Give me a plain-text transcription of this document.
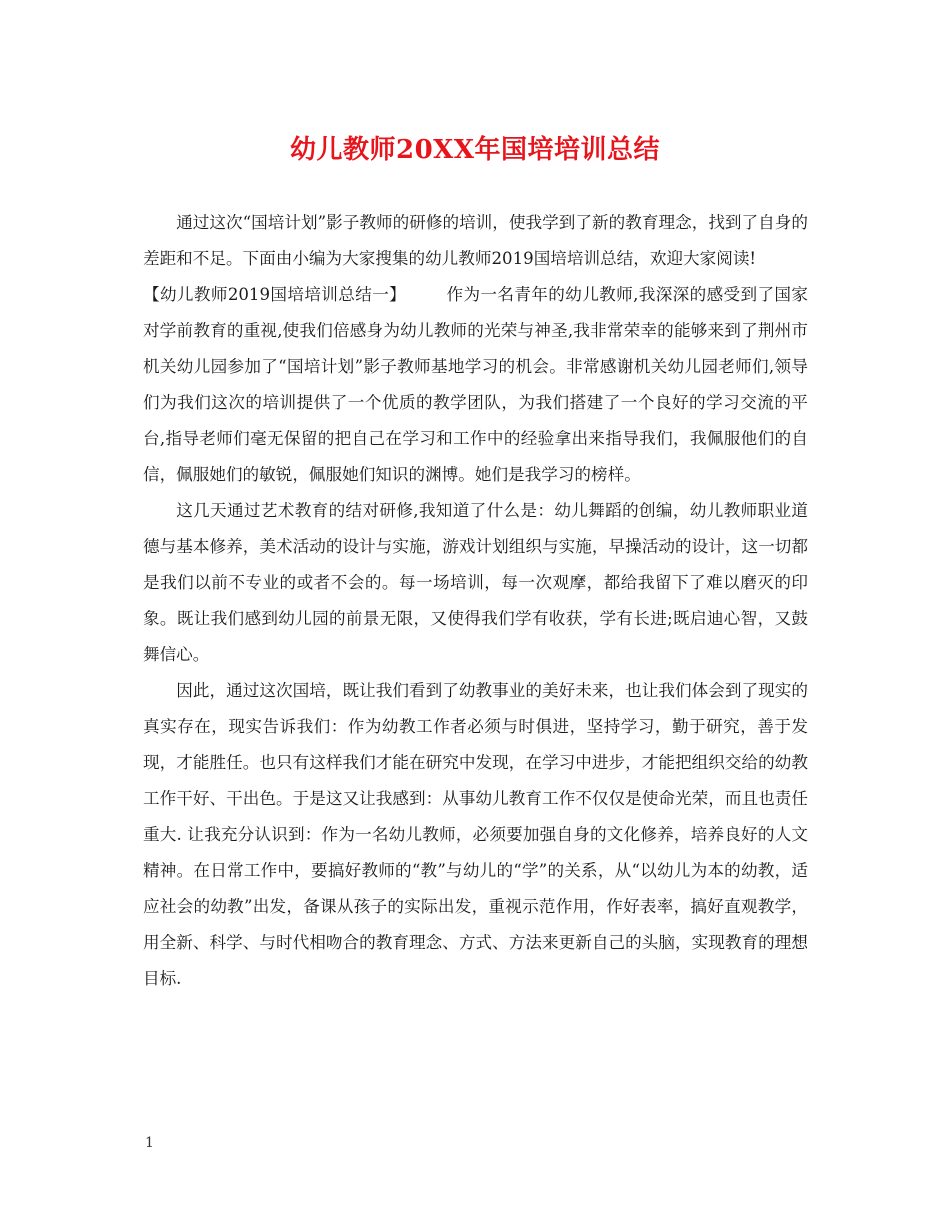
幼儿教师20XX年国培培训总结

通过这次“国培计划”影子教师的研修的培训，使我学到了新的教育理念，找到了自身的差距和不足。下面由小编为大家搜集的幼儿教师2019国培培训总结，欢迎大家阅读!

【幼儿教师2019国培培训总结一】 作为一名青年的幼儿教师,我深深的感受到了国家对学前教育的重视,使我们倍感身为幼儿教师的光荣与神圣,我非常荣幸的能够来到了荆州市机关幼儿园参加了“国培计划”影子教师基地学习的机会。非常感谢机关幼儿园老师们,领导们为我们这次的培训提供了一个优质的教学团队，为我们搭建了一个良好的学习交流的平台,指导老师们毫无保留的把自己在学习和工作中的经验拿出来指导我们，我佩服他们的自信，佩服她们的敏锐，佩服她们知识的渊博。她们是我学习的榜样。

这几天通过艺术教育的结对研修,我知道了什么是：幼儿舞蹈的创编，幼儿教师职业道德与基本修养，美术活动的设计与实施，游戏计划组织与实施，早操活动的设计，这一切都是我们以前不专业的或者不会的。每一场培训，每一次观摩，都给我留下了难以磨灭的印象。既让我们感到幼儿园的前景无限，又使得我们学有收获，学有长进;既启迪心智，又鼓舞信心。

因此，通过这次国培，既让我们看到了幼教事业的美好未来，也让我们体会到了现实的真实存在，现实告诉我们：作为幼教工作者必须与时俱进，坚持学习，勤于研究，善于发现，才能胜任。也只有这样我们才能在研究中发现，在学习中进步，才能把组织交给的幼教工作干好、干出色。于是这又让我感到：从事幼儿教育工作不仅仅是使命光荣，而且也责任重大. 让我充分认识到：作为一名幼儿教师，必须要加强自身的文化修养，培养良好的人文精神。在日常工作中，要搞好教师的“教”与幼儿的“学”的关系，从“以幼儿为本的幼教，适应社会的幼教”出发，备课从孩子的实际出发，重视示范作用，作好表率，搞好直观教学，用全新、科学、与时代相吻合的教育理念、方式、方法来更新自己的头脑，实现教育的理想目标.

1
